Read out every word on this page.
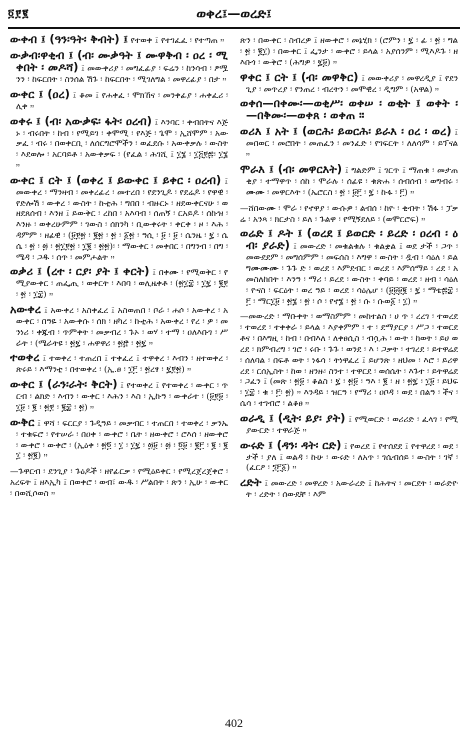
፬፻፪	ወቀረ፤—ወረድ፤

ውቀብ ፤ (ዓን፡ዓት፡ ቅብት) ፤ የተወቀ ፤ የተገፈፈ ፡ የተጣጠ ።

ውቃብ፡ዋቂብ ፤ (ብ፡ ሙቃዓት ፤ ሙዋቅብ ፡ ዐረ ፡ ሚቀበት ፡ መዶሻ) ፤ መውቀሪያ ፡ መግፈፊያ ፡ ፍሬን ፡ ከንሳብ ፡ ፆሟንን ፡ ከፍርበት ፡ ስንሰል ሽጉ ፡ ከፍርበት ፡ ሚገለግል ፡ መዋረፊያ ፡ በታ ።

ውቀር ፤ (ዐረ) ፤ ቆመ ፤ የሐቀፈ ፡ ሞክኸና ፡ መንቀፊያ ፡ ሐቀፈሪ ፡ ሊቀ ።

ወቀሩ ፤ (ብ፡ አውቃፍ፡ ፋት፡ ዐረብ) ፤ እንባር ፡ ቀብበትና እጅኑ ፡ ብሩበት ፡ ከብ ፡ የሚይገ ፡ ቀሞሚ ፡ የእጅ ፡ ጌሞ ፡ ኢሸሞም ፡ አውቃፈ ፡ ብሩ ፡ በወቀርቢ ፡ ለሰርግሮሞችን ፡ ወፈደሱ ፡ አውቀቃሉ ፡ ውስት ፡ እደወሎ ፡ አርባይቶ ፡ አውቀቃፍ ፡ (የፈል ፡ ሕገሺ ፤ ፲፮ ፡ ፲፭፻፷፡ ፲፮ ።

ውቀር ፤ ርት ፤ (ወቀረ ፤ ይውቀር ፤ ይቀር ፡ ዐረብ) ፤ መውቀረ ፡ ማንዛብ ፡ መቀረፊረ ፡ መተረበ ፡ የደንጊዶ ፡ የደሬዶ ፡ የዋዊ ፡ የድሎሽ ፡ ውቀረ ፡ ውስት ፡ ኩቲሕ ፡ ግበበ ፡ ብዙርኑ ፡ ዘደውቀርናሁ ፡ ወዘደጸሰብ ፡ እንዘ ፤ ይውቅር ፡ ረከበ ፡ አእባብ ፡ ሰጠኝ ፡ ርአይዶ ፡ ሰኩዝ ፡ እንዙ ፡ ወቀረሁምም ፡ ገውስ ፡ ሰክንካ ፡ ቢውቀሩት ፡ ቀርቀ ፡ ዞ ፡ እሕ ፡ ዳምም ፡ ዘፊዊ ፡ (፱፻፳ ፡ ፪፳ ፡ ፳ ፡ ፩፳ ፡ ዓሲ ፡ ፱ ፡ ፱ ፡ ሴንዜ ፡ ፯ ፡ ሴሴ ፡ ፳ ፡ ፴ ፡ ፳፲፻፳ ፡ ፲፪ ፡ ፳፳)፡ ፡ ማውቀር ፡ መቀበር ፡ በግንብ ፡ በግ ፡ ሜዳ ፡ ጋዱ ፡ ሰጥ ፡ መምሖልት ።

ወቃሪ ፤ (ረተ ፡ ርያ፡ ያት ፤ ቀርት) ፤ በቀሙ ፡ የሚወቅር ፡ የሚያውቀር ፡ ጠፌጢ ፡ ወቀርት ፡ እበባ ፡ ወሊዜቀቶ ፡ (፳፲፰ ፡ ፲፯ ፡ ፪፻ ፡ ፳ ፡ ፲፰) ።

አውቀረ ፤ አውቀረ ፡ አስቀፈረ ፤ አስወጠበ ፡ ቦራ ፡ ሐሶ ፡ አውቀረ ፡ አውቀር ፡ በዓዬ ፡ አውቀሱ ፡ ሰክ ፡ ዘካረ ፡ ኩቲሕ ፡ አውቀረ ፡ የረ ፡ ዎ ፡ መንነሪ ፡ ቀጁብ ፡ ጥምቀት ፡ መቃብረ ፡ ጉኦ ፡ ወሃ ፡ ተማ ፡ ዐለእቡገ ፡ ሥራት ፡ (ሜራትዩ ፡ ፳፯ ፡ ሐዋዋሪ ፡ ፳፸ ፡ ፳፯ ።

ተወቀረ ፤ ተወቀረ ፡ ተጠረበ ፤ ተቀፈረ ፤ ተዋቀረ ፡ እብን ፡ ዘተወቀረ ፡ ጽሩይ ፡ እማንቲ ፡ በተወቀረ ፡ (ኢ.ፀ ፡ ፲፫ ፡ ፳ረፃ ፡ ፯፻፳) ።

ውቀር ፤ (ራን፡ራት፡ ቅርት) ፤ የተወቀረ ፤ የተወቀረ ፡ ውቀር ፡ ጥርብ ፡ ልክድ ፡ እብን ፡ ውቀር ፡ እሕን ፡ እስ ፡ ኢኩዓ ፡ ውቀራተ ፡ (፱፻፱ ፡ ፲፱ ፡ ፪ ፡ ፳፻ ፡ ፪፰ ፡ ፳) ።

ውቅር ፤ ዋሻ ፡ ፍርርያ ፡ ጉዲዓይ ፡ መቃብር ፡ ተጠርበ ፡ ተወቀረ ፡ ቃንኤ ፡ ተቁፍሮ ፡ የተሠራ ፡ በዐቀ ፡ ውቀሮ ፡ ቤት ፡ ዘውቀሮ ፡ ሮእሰ ፡ ዘውቀሮ ፡ ውቀሮ ፡ ውቀሮ ፡ (ኢዕቀ ፡ ፳፬ ፡ ፲ ፡ ፲፯ ፡ ፴፱ ፡ ፴ ፡ ፬፱ ፡ ፪፫ ፡ ፪ ፡ ፪፲ ፡ ፳፪) ።

—ጉዋርብ ፡ ደንጊያ ፡ ጉዕዶች ፡ ዘየፊርቃ ፡ የሚዕይቀር ፡ የሚረጀረጀቀሮ ፡ አረፍት ፤ ዘእኢካ ፤ በወቀሮ ፡ ወብ፣ ውዱ ፡ ሥልበት ፡ ጽን ፡ ኢሁ ፡ ውቀር ፡ በወሺሶወስ ።

ጽን ፡ በውቀር ፡ ስብረዎ ፤ ዘውቀሮ ፡ መኔሂክ ፡ (ሮምን ፡ ፯ ፡ ፊ ፡ ፳ ፡ ግል ፡ ፳ ፡ ፪፲) ፡ በውቀር ፤ ፌንታ ፡ ውቀሮ ፡ ይላል ፡ አያሰንም ፡ ሚእዶጉ ፡ ዘእቡጎ ፡ ውቅሮ ፡ (ሕግዎ ፡ ፯፱) ።

ዋቀር ፤ ርት ፤ (ብ፡ መዋቅር) ፤ መውቀሪያ ፡ መዋረዲያ ፤ የደንጊያ ፡ መጥረያ ፡ የንጠረ ፡ ብረትን ፡ መሞዊረ ፡ ዲግም ፡ (አዋል) ።

ወቀሰ—በቀሙ፡—ወቂሥ፡ ወቀሠ ፡ ወቂት ፤ ወቀት ፡—በቅሙ፡—ወቀጸ ፡ ወቀጠ ።

ወሪእ ፤ አት ፤ (ወርሕ፡ ይወርሕ፡ ይራእ ፡ ዐረ ፡ ወረ) ፤ መበወር ፡ መሮበት ፡ መጠፈን ፡ መንፈድ ፡ የገፍርት ፡ ለለሳም ፡ ይፕናል ።

ሞራእ ፤ (ብ፡ መዋርእት) ፤ ግልድም ፤ ገርጥ ፤ ማጠቁ ፡ መታጠቂያ ፡ ተማዋጥ ፡ ሰከ ፡ ሞራሉ ፡ ሰፊዩ ፡ ቁጽሐ ፡ ሰብሰብ ፡ ወግብሩ ፡ ሙሙ ፡ መዋርእት ፡ (ኤሮርስ ፡ ፳ ፡ ፱፫ ፡ ፯ ፡ ኩፋ ፡ ፫) ።

—ሸበውሙ ፡ ሞራ ፡ የኖዋያ ፡ ውሱዎ ፡ ልብሰ ፡ ከዮ ፡ ቂብት ፡ ሽፋ ፡ ፓቃሬ ፡ አንጻ ፡ ክርታስ ፡ ይለ ፡ ጉልዋ ፡ የሚኝደለይ ፡ (ወሞርሮፍ) ።

ወሬድ ፤ ዶት ፤ (ወረደ ፤ ይወርድ ፡ ይረድ ፡ ዐረብ ፡ ዕብ፡ ያራድ) ፤ መውረድ ፡ መቁልቁሉ ፡ ቁልቋል ፤ ወደ ታች ፡ ጋጥ ፡ መውደደም ፡ መግሰምም ፡ መፍሰስ ፡ እግዋ ፡ ውስት ፡ ዷብ ፡ ሳዕለ ፡ ይልግሙሙሙ ፡ ጉጉ ድ ፡ ወረደ ፡ እምደብር ፡ ወረደ ፡ እምሰማይ ፡ ረደ ፡ አመስለከበት ፡ እንዓ ፡ ማሪ ፡ ይረደ ፡ ውስት ፡ ቀባይ ፡ ወረደ ፡ ዘብ ፡ ሳዕለ ፡ ዮናስ ፡ ፍርዕት ፡ ወረ ዓይ ፡ ወረደ ፡ ሳዕሌሆ ፡ (፱፱፱፪ ፡ ፯ ፡ ማቴ፷፰ ፡ ፫ ፡ ማር፲፱ ፡ ፳፮ ፡ ፳ ፡ ሶ ፡ የኖ፮ ፡ ፳ ፡ ሱ ፡ ሱወ፩ ፡ ፲) ።

—መውረድ ፡ ማቡቀት ፡ ወማስምም ፡ መከተልስ ፡ ሀ ጥ ፡ ረረገ ፡ ተወረደ ፡ ተወረደ ፡ ተቀቀራ ፡ ይላል ፡ እያቀምም ፡ ተ ፡ ደማያርያ ፡ ሥጋ ፡ ተወርደቶና ፡ በእግዚ ፡ ከብ ፡ በብእለ ፡ ለቀፀሲስ ፡ ብሷሕ ፡ ውት ፡ ከወት ፡ ይሀ ወረደ ፡ ክምብረግ ፡ ገሮ ፡ ሩቡ ፡ ጉጉ ፡ ወንደ ፡ እ ፡ ጋቃት ፡ ተገረደ ፡ ይተዋሬደ ፡ ሰለባል ፡ በፍቶ ወት ፡ ነፋሳ ፡ ትነዋፈረ ፤ ይሆንጽ ፡ ዘህመ ፡ እሮ ፡ ይሪዋ ረደ ፡ ርሰኢስት ፡ ከወ ፡ ዘንዙ፡ ስንተ ፡ ተዋርደ ፡ ወሰሴት ፡ እጉተ ፡ ይትዋሬደ ፡ ጋፈን ፤ (መጽ ፡ ፳፱ ፡ ቆልስ ፡ ፯ ፡ ፳፱ ፡ ዓእ ፡ ፪ ፡ ዘ ፡ ፳፯ ፡ ፲፱ ፡ ይህፍ ፡ ፲፰ ፡ ቁ ፡ ፫፡ ፳) ። እንዳይ ፡ ዝርዓ ፡ የማሪ ፡ ዐቦዳ ፡ ወደ ፡ በልዓ ፡ ችና ፡ ሴሳ ፡ ተገብሮ ፡ ልቆፀ ።

ወራዲ ፤ (ዲት፡ ይያ፡ ያት) ፤ የሚወርድ ፡ ወሪሪድ ፡ ፈላገ ፡ የሚያውርድ ፡ ተዋራጅ ።

ውሩድ ፤ (ዳን፡ ዳት፡ ርድ) ፤ የወረደ ፤ የተሰደደ ፤ የተዋረደ ፡ ወደ ፡ ታች ፡ ያለ ፤ ወልዳ ፡ ኩሁ ፡ ውሩድ ፡ ለአጥ ፡ ገሴብሰይ ፡ ውስት ፡ ገኛ ፡ (ፈርዖ ፡ ፺፫፩) ።

ረድት ፤ መውረድ ፡ መዋረድ ፡ አውራረድ ፤ ከሕትና ፡ መርደት ፡ ወራድዮት ፡ ረድት ፡ ሰውዴቸ ፡ እም

402
